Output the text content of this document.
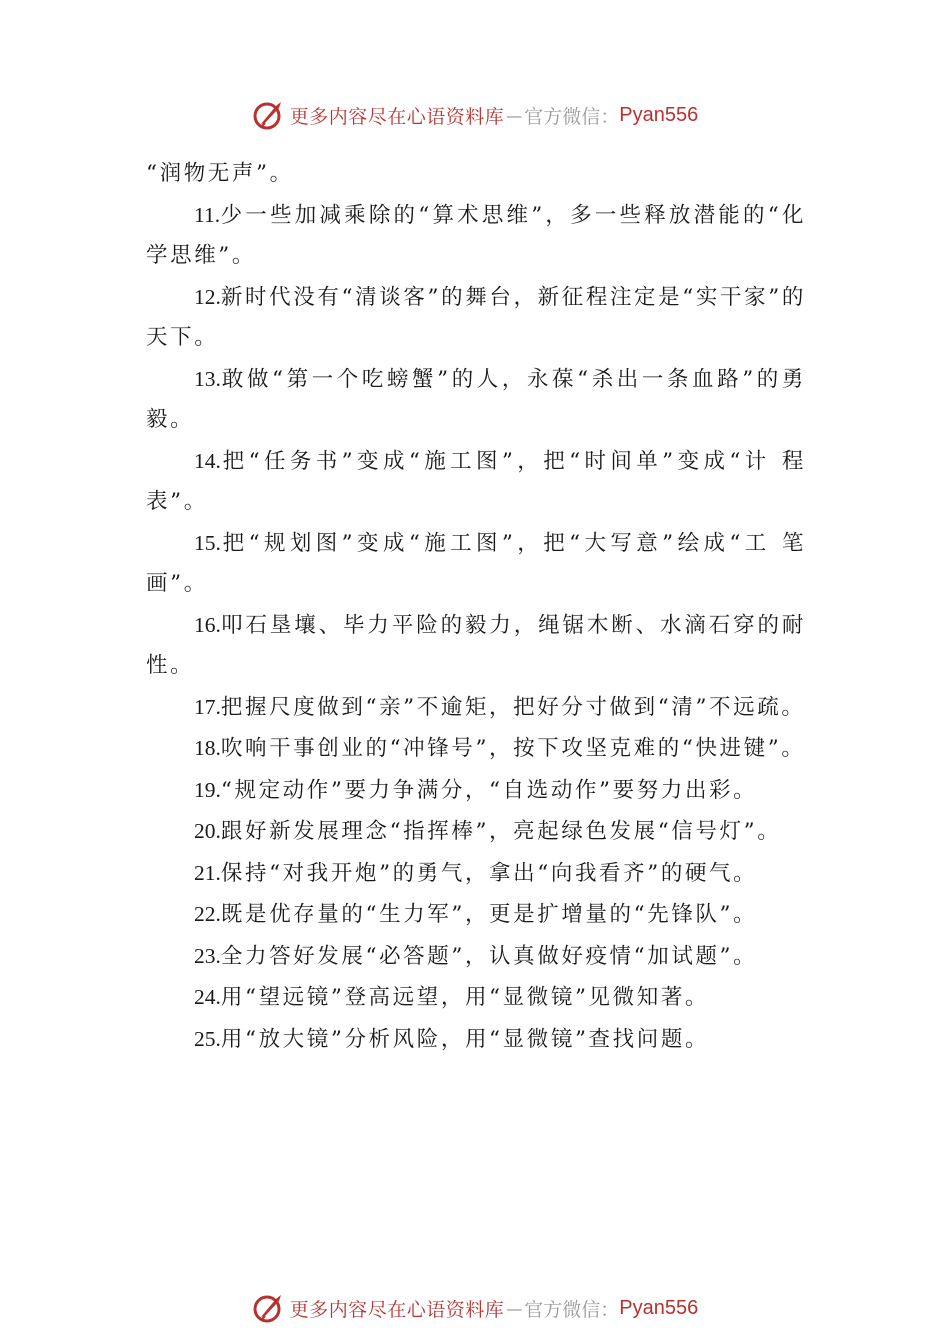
更多内容尽在心语资料库 — 官方微信： Pyan556

“润物无声”。

11.少一些加减乘除的“算术思维”，多一些释放潜能的“化学思维”。

12.新时代没有“清谈客”的舞台，新征程注定是“实干家”的天下。

13.敢做“第一个吃螃蟹”的人，永葆“杀出一条血路”的勇毅。

14.把“任务书”变成“施工图”，把“时间单”变成“计 程表”。

15.把“规划图”变成“施工图”，把“大写意”绘成“工 笔画”。

16.叩石垦壤、毕力平险的毅力，绳锯木断、水滴石穿的耐性。

17.把握尺度做到“亲”不逾矩，把好分寸做到“清”不远疏。

18.吹响干事创业的“冲锋号”，按下攻坚克难的“快进键”。

19.“规定动作”要力争满分，“自选动作”要努力出彩。

20.跟好新发展理念“指挥棒”，亮起绿色发展“信号灯”。

21.保持“对我开炮”的勇气，拿出“向我看齐”的硬气。

22.既是优存量的“生力军”，更是扩增量的“先锋队”。

23.全力答好发展“必答题”，认真做好疫情“加试题”。

24.用“望远镜”登高远望，用“显微镜”见微知著。

25.用“放大镜”分析风险，用“显微镜”查找问题。

更多内容尽在心语资料库 — 官方微信： Pyan556
